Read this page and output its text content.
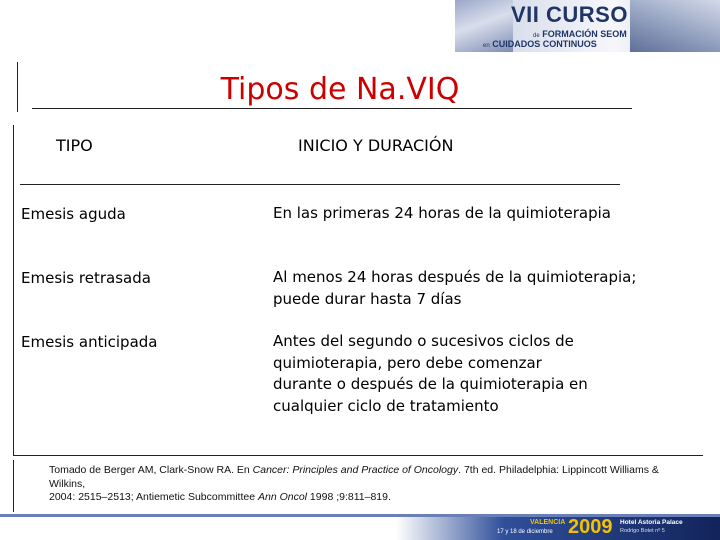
VII CURSO
de FORMACIÓN SEOM
en CUIDADOS CONTINUOS
Tipos de Na.VIQ
TIPO	INICIO Y DURACIÓN
Emesis aguda	En las primeras 24 horas de la quimioterapia
Emesis retrasada	Al menos 24 horas después de la quimioterapia;
puede durar hasta 7 días
Emesis anticipada	Antes del segundo o sucesivos ciclos de
quimioterapia, pero debe comenzar
durante o después de la quimioterapia en
cualquier ciclo de tratamiento
Tomado de Berger AM, Clark-Snow RA. En Cancer: Principles and Practice of Oncology. 7th ed. Philadelphia: Lippincott Williams & Wilkins,
2004: 2515–2513; Antiemetic Subcommittee Ann Oncol 1998 ;9:811–819.
VALENCIA
17 y 18 de diciembre 2009 Hotel Astoria Palace
Rodrigo Botet nº 5
